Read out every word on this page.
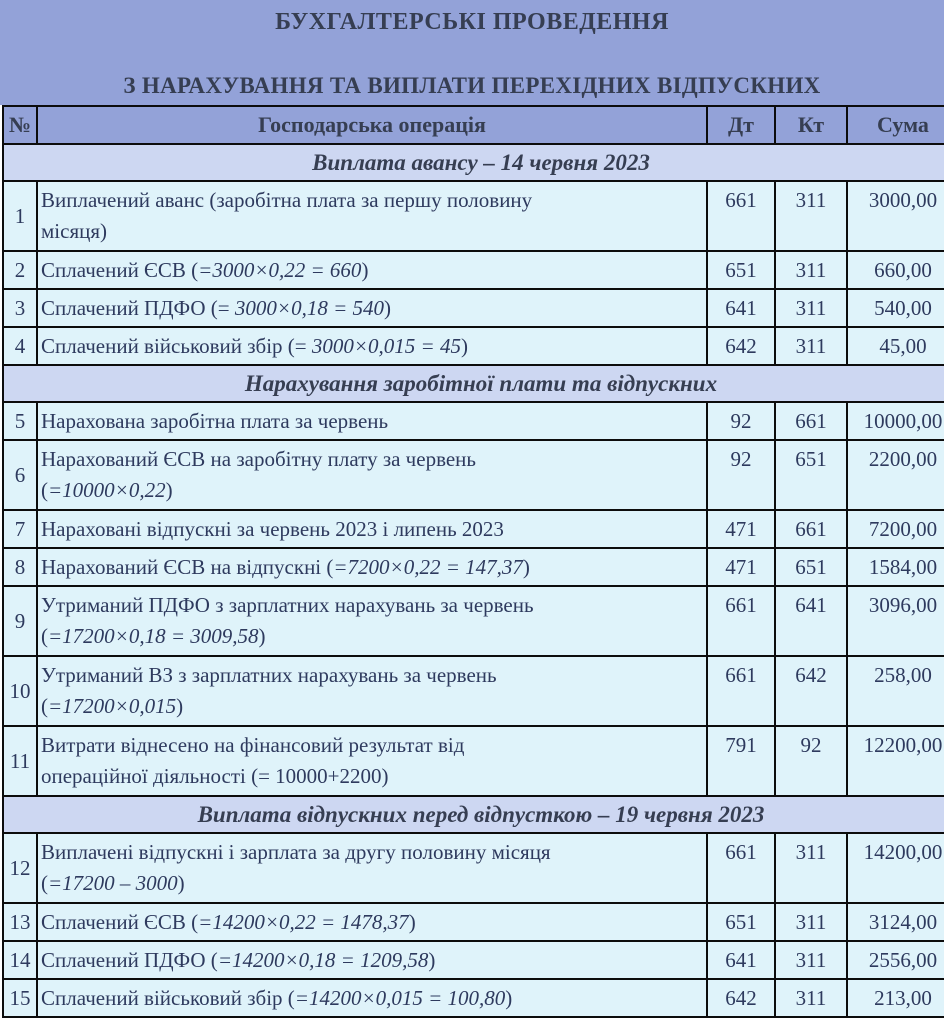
БУХГАЛТЕРСЬКІ ПРОВЕДЕННЯ
З НАРАХУВАННЯ ТА ВИПЛАТИ ПЕРЕХІДНИХ ВІДПУСКНИХ
№	Господарська операція	Дт	Кт	Сума
Виплата авансу – 14 червня 2023				
1	Виплачений аванс (заробітна плата за першу половину
місяця)	661	311	3000,00
2	Сплачений ЄСВ (=3000×0,22 = 660)	651	311	660,00
3	Сплачений ПДФО (= 3000×0,18 = 540)	641	311	540,00
4	Сплачений військовий збір (= 3000×0,015 = 45)	642	311	45,00
Нарахування заробітної плати та відпускних				
5	Нарахована заробітна плата за червень	92	661	10000,00
6	Нарахований ЄСВ на заробітну плату за червень
(=10000×0,22)	92	651	2200,00
7	Нараховані відпускні за червень 2023 і липень 2023	471	661	7200,00
8	Нарахований ЄСВ на відпускні (=7200×0,22 = 147,37)	471	651	1584,00
9	Утриманий ПДФО з зарплатних нарахувань за червень
(=17200×0,18 = 3009,58)	661	641	3096,00
10	Утриманий ВЗ з зарплатних нарахувань за червень
(=17200×0,015)	661	642	258,00
11	Витрати віднесено на фінансовий результат від
операційної діяльності (= 10000+2200)	791	92	12200,00
Виплата відпускних перед відпусткою – 19 червня 2023				
12	Виплачені відпускні і зарплата за другу половину місяця
(=17200 – 3000)	661	311	14200,00
13	Сплачений ЄСВ (=14200×0,22 = 1478,37)	651	311	3124,00
14	Сплачений ПДФО (=14200×0,18 = 1209,58)	641	311	2556,00
15	Сплачений військовий збір (=14200×0,015 = 100,80)	642	311	213,00
